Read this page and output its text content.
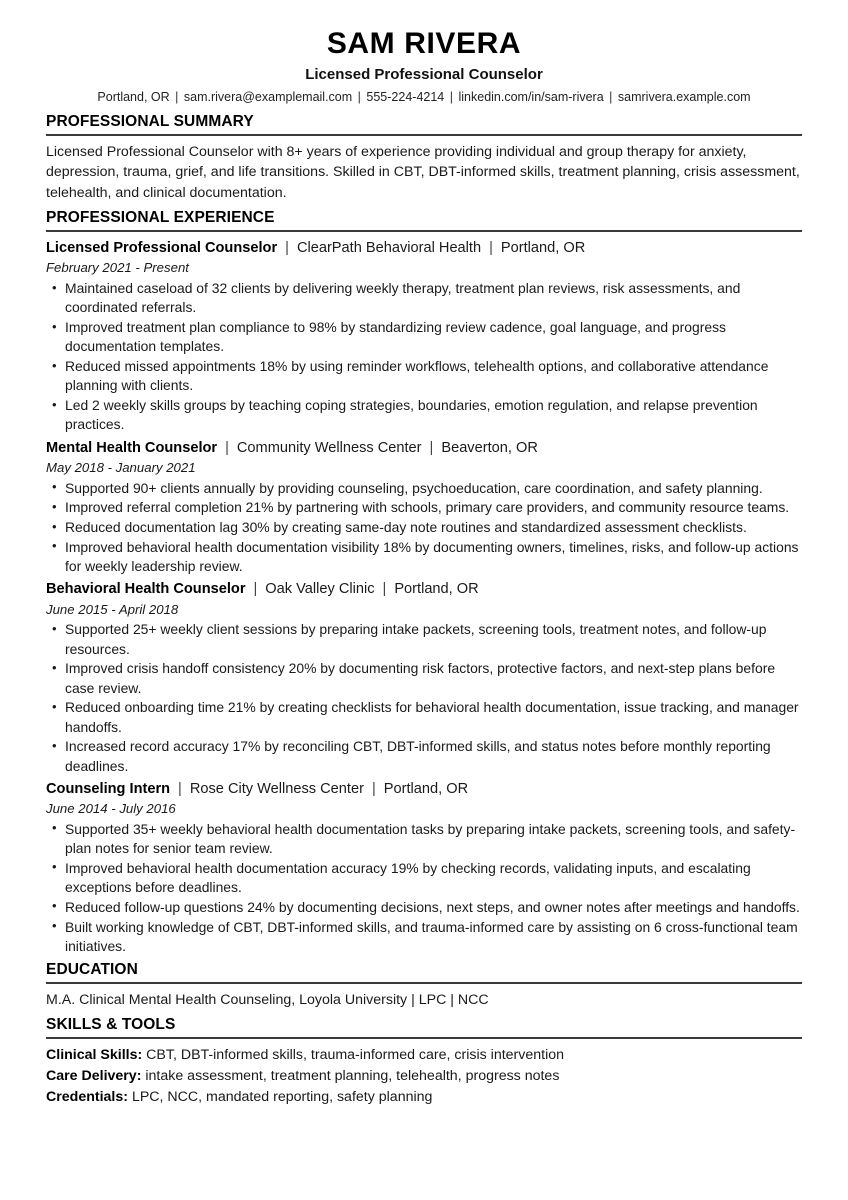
SAM RIVERA
Licensed Professional Counselor
Portland, OR | sam.rivera@examplemail.com | 555-224-4214 | linkedin.com/in/sam-rivera | samrivera.example.com
PROFESSIONAL SUMMARY

Licensed Professional Counselor with 8+ years of experience providing individual and group therapy for anxiety, depression, trauma, grief, and life transitions. Skilled in CBT, DBT-informed skills, treatment planning, crisis assessment, telehealth, and clinical documentation.

PROFESSIONAL EXPERIENCE
Licensed Professional Counselor | ClearPath Behavioral Health | Portland, OR
February 2021 - Present
• Maintained caseload of 32 clients by delivering weekly therapy, treatment plan reviews, risk assessments, and coordinated referrals.
• Improved treatment plan compliance to 98% by standardizing review cadence, goal language, and progress documentation templates.
• Reduced missed appointments 18% by using reminder workflows, telehealth options, and collaborative attendance planning with clients.
• Led 2 weekly skills groups by teaching coping strategies, boundaries, emotion regulation, and relapse prevention practices.
Mental Health Counselor | Community Wellness Center | Beaverton, OR
May 2018 - January 2021
• Supported 90+ clients annually by providing counseling, psychoeducation, care coordination, and safety planning.
• Improved referral completion 21% by partnering with schools, primary care providers, and community resource teams.
• Reduced documentation lag 30% by creating same-day note routines and standardized assessment checklists.
• Improved behavioral health documentation visibility 18% by documenting owners, timelines, risks, and follow-up actions for weekly leadership review.
Behavioral Health Counselor | Oak Valley Clinic | Portland, OR
June 2015 - April 2018
• Supported 25+ weekly client sessions by preparing intake packets, screening tools, treatment notes, and follow-up resources.
• Improved crisis handoff consistency 20% by documenting risk factors, protective factors, and next-step plans before case review.
• Reduced onboarding time 21% by creating checklists for behavioral health documentation, issue tracking, and manager handoffs.
• Increased record accuracy 17% by reconciling CBT, DBT-informed skills, and status notes before monthly reporting deadlines.
Counseling Intern | Rose City Wellness Center | Portland, OR
June 2014 - July 2016
• Supported 35+ weekly behavioral health documentation tasks by preparing intake packets, screening tools, and safety-plan notes for senior team review.
• Improved behavioral health documentation accuracy 19% by checking records, validating inputs, and escalating exceptions before deadlines.
• Reduced follow-up questions 24% by documenting decisions, next steps, and owner notes after meetings and handoffs.
• Built working knowledge of CBT, DBT-informed skills, and trauma-informed care by assisting on 6 cross-functional team initiatives.
EDUCATION
M.A. Clinical Mental Health Counseling, Loyola University | LPC | NCC
SKILLS & TOOLS
Clinical Skills: CBT, DBT-informed skills, trauma-informed care, crisis intervention
Care Delivery: intake assessment, treatment planning, telehealth, progress notes
Credentials: LPC, NCC, mandated reporting, safety planning
